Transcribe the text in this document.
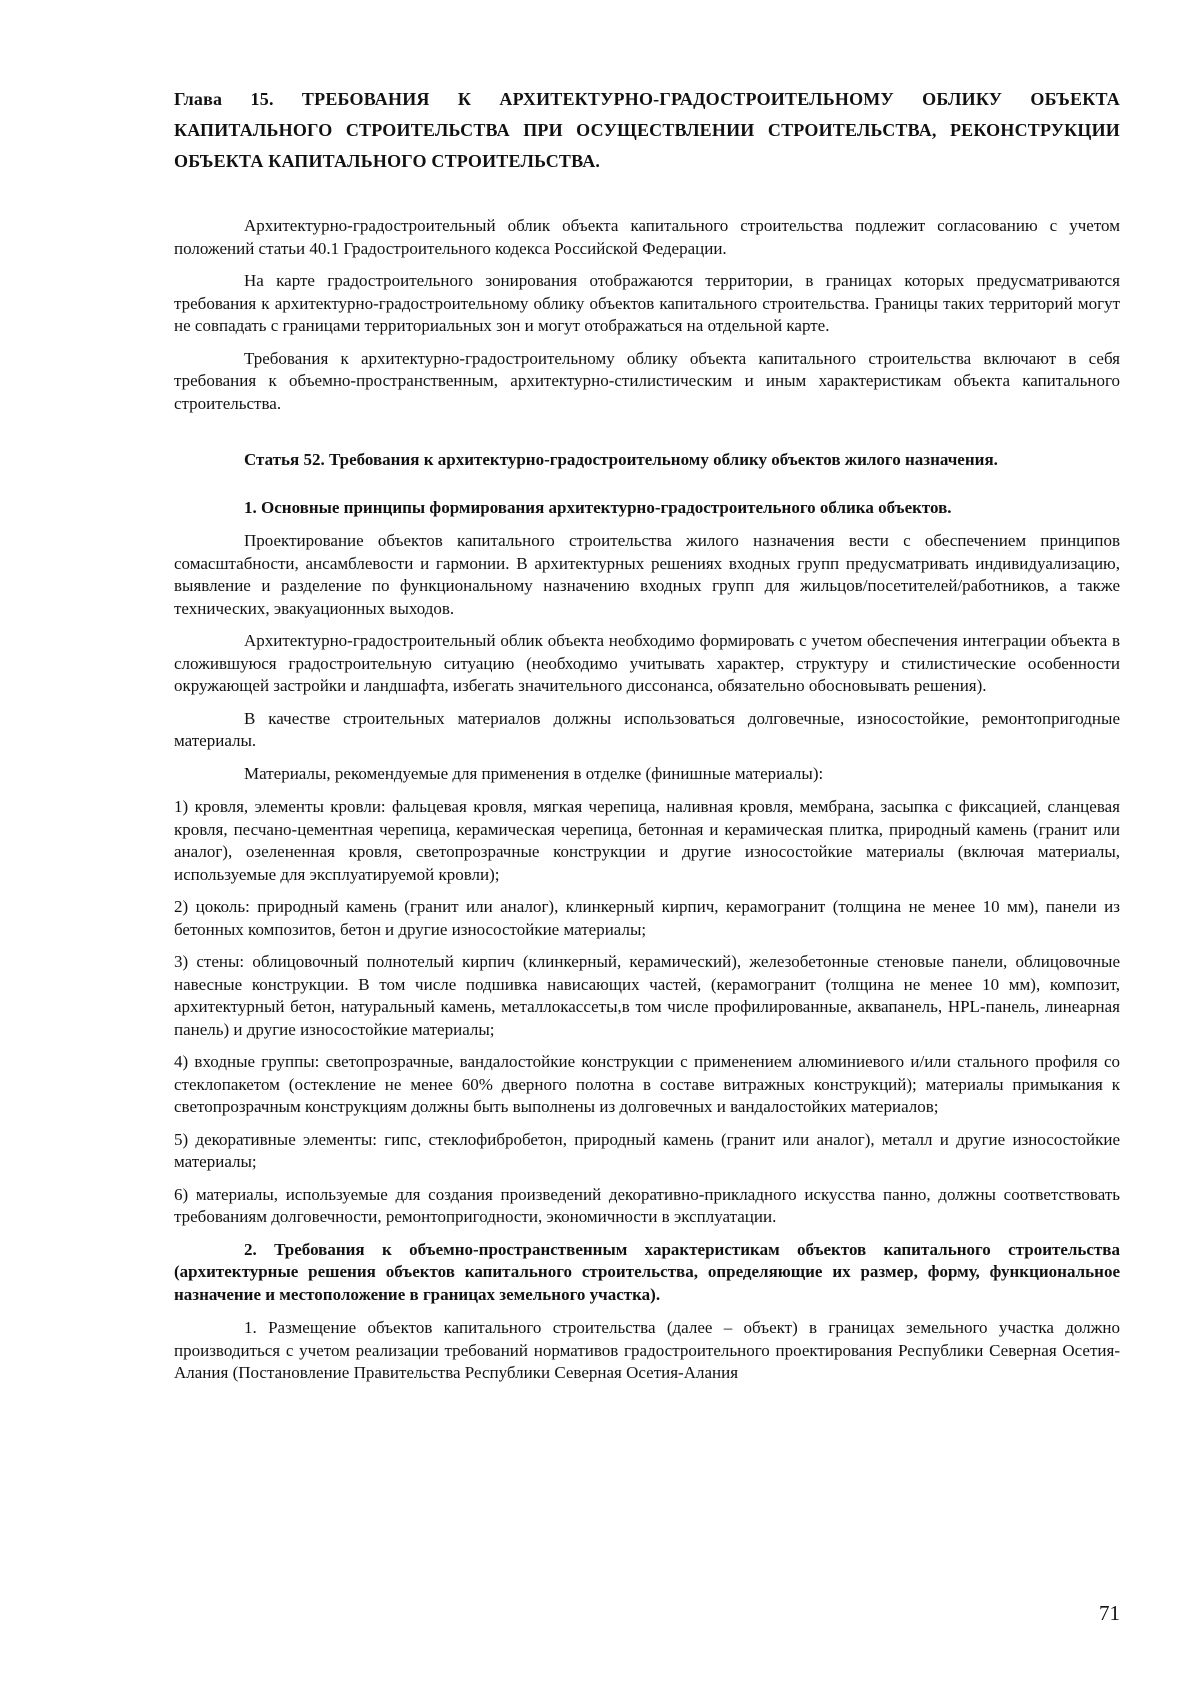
Глава 15. ТРЕБОВАНИЯ К АРХИТЕКТУРНО-ГРАДОСТРОИТЕЛЬНОМУ ОБЛИКУ ОБЪЕКТА КАПИТАЛЬНОГО СТРОИТЕЛЬСТВА ПРИ ОСУЩЕСТВЛЕНИИ СТРОИТЕЛЬСТВА, РЕКОНСТРУКЦИИ ОБЪЕКТА КАПИТАЛЬНОГО СТРОИТЕЛЬСТВА.

Архитектурно-градостроительный облик объекта капитального строительства подлежит согласованию с учетом положений статьи 40.1 Градостроительного кодекса Российской Федерации.

На карте градостроительного зонирования отображаются территории, в границах которых предусматриваются требования к архитектурно-градостроительному облику объектов капитального строительства. Границы таких территорий могут не совпадать с границами территориальных зон и могут отображаться на отдельной карте.

Требования к архитектурно-градостроительному облику объекта капитального строительства включают в себя требования к объемно-пространственным, архитектурно-стилистическим и иным характеристикам объекта капитального строительства.

Статья 52. Требования к архитектурно-градостроительному облику объектов жилого назначения.
1. Основные принципы формирования архитектурно-градостроительного облика объектов.

Проектирование объектов капитального строительства жилого назначения вести с обеспечением принципов сомасштабности, ансамблевости и гармонии. В архитектурных решениях входных групп предусматривать индивидуализацию, выявление и разделение по функциональному назначению входных групп для жильцов/посетителей/работников, а также технических, эвакуационных выходов.

Архитектурно-градостроительный облик объекта необходимо формировать с учетом обеспечения интеграции объекта в сложившуюся градостроительную ситуацию (необходимо учитывать характер, структуру и стилистические особенности окружающей застройки и ландшафта, избегать значительного диссонанса, обязательно обосновывать решения).

В качестве строительных материалов должны использоваться долговечные, износостойкие, ремонтопригодные материалы.

Материалы, рекомендуемые для применения в отделке (финишные материалы):

1) кровля, элементы кровли: фальцевая кровля, мягкая черепица, наливная кровля, мембрана, засыпка с фиксацией, сланцевая кровля, песчано-цементная черепица, керамическая черепица, бетонная и керамическая плитка, природный камень (гранит или аналог), озелененная кровля, светопрозрачные конструкции и другие износостойкие материалы (включая материалы, используемые для эксплуатируемой кровли);

2) цоколь: природный камень (гранит или аналог), клинкерный кирпич, керамогранит (толщина не менее 10 мм), панели из бетонных композитов, бетон и другие износостойкие материалы;

3) стены: облицовочный полнотелый кирпич (клинкерный, керамический), железобетонные стеновые панели, облицовочные навесные конструкции. В том числе подшивка нависающих частей, (керамогранит (толщина не менее 10 мм), композит, архитектурный бетон, натуральный камень, металлокассеты,в том числе профилированные, аквапанель, HPL-панель, линеарная панель) и другие износостойкие материалы;

4) входные группы: светопрозрачные, вандалостойкие конструкции с применением алюминиевого и/или стального профиля со стеклопакетом (остекление не менее 60% дверного полотна в составе витражных конструкций); материалы примыкания к светопрозрачным конструкциям должны быть выполнены из долговечных и вандалостойких материалов;

5) декоративные элементы: гипс, стеклофибробетон, природный камень (гранит или аналог), металл и другие износостойкие материалы;

6) материалы, используемые для создания произведений декоративно-прикладного искусства панно, должны соответствовать требованиям долговечности, ремонтопригодности, экономичности в эксплуатации.

2. Требования к объемно-пространственным характеристикам объектов капитального строительства (архитектурные решения объектов капитального строительства, определяющие их размер, форму, функциональное назначение и местоположение в границах земельного участка).

1. Размещение объектов капитального строительства (далее – объект) в границах земельного участка должно производиться с учетом реализации требований нормативов градостроительного проектирования Республики Северная Осетия-Алания (Постановление Правительства Республики Северная Осетия-Алания

71
